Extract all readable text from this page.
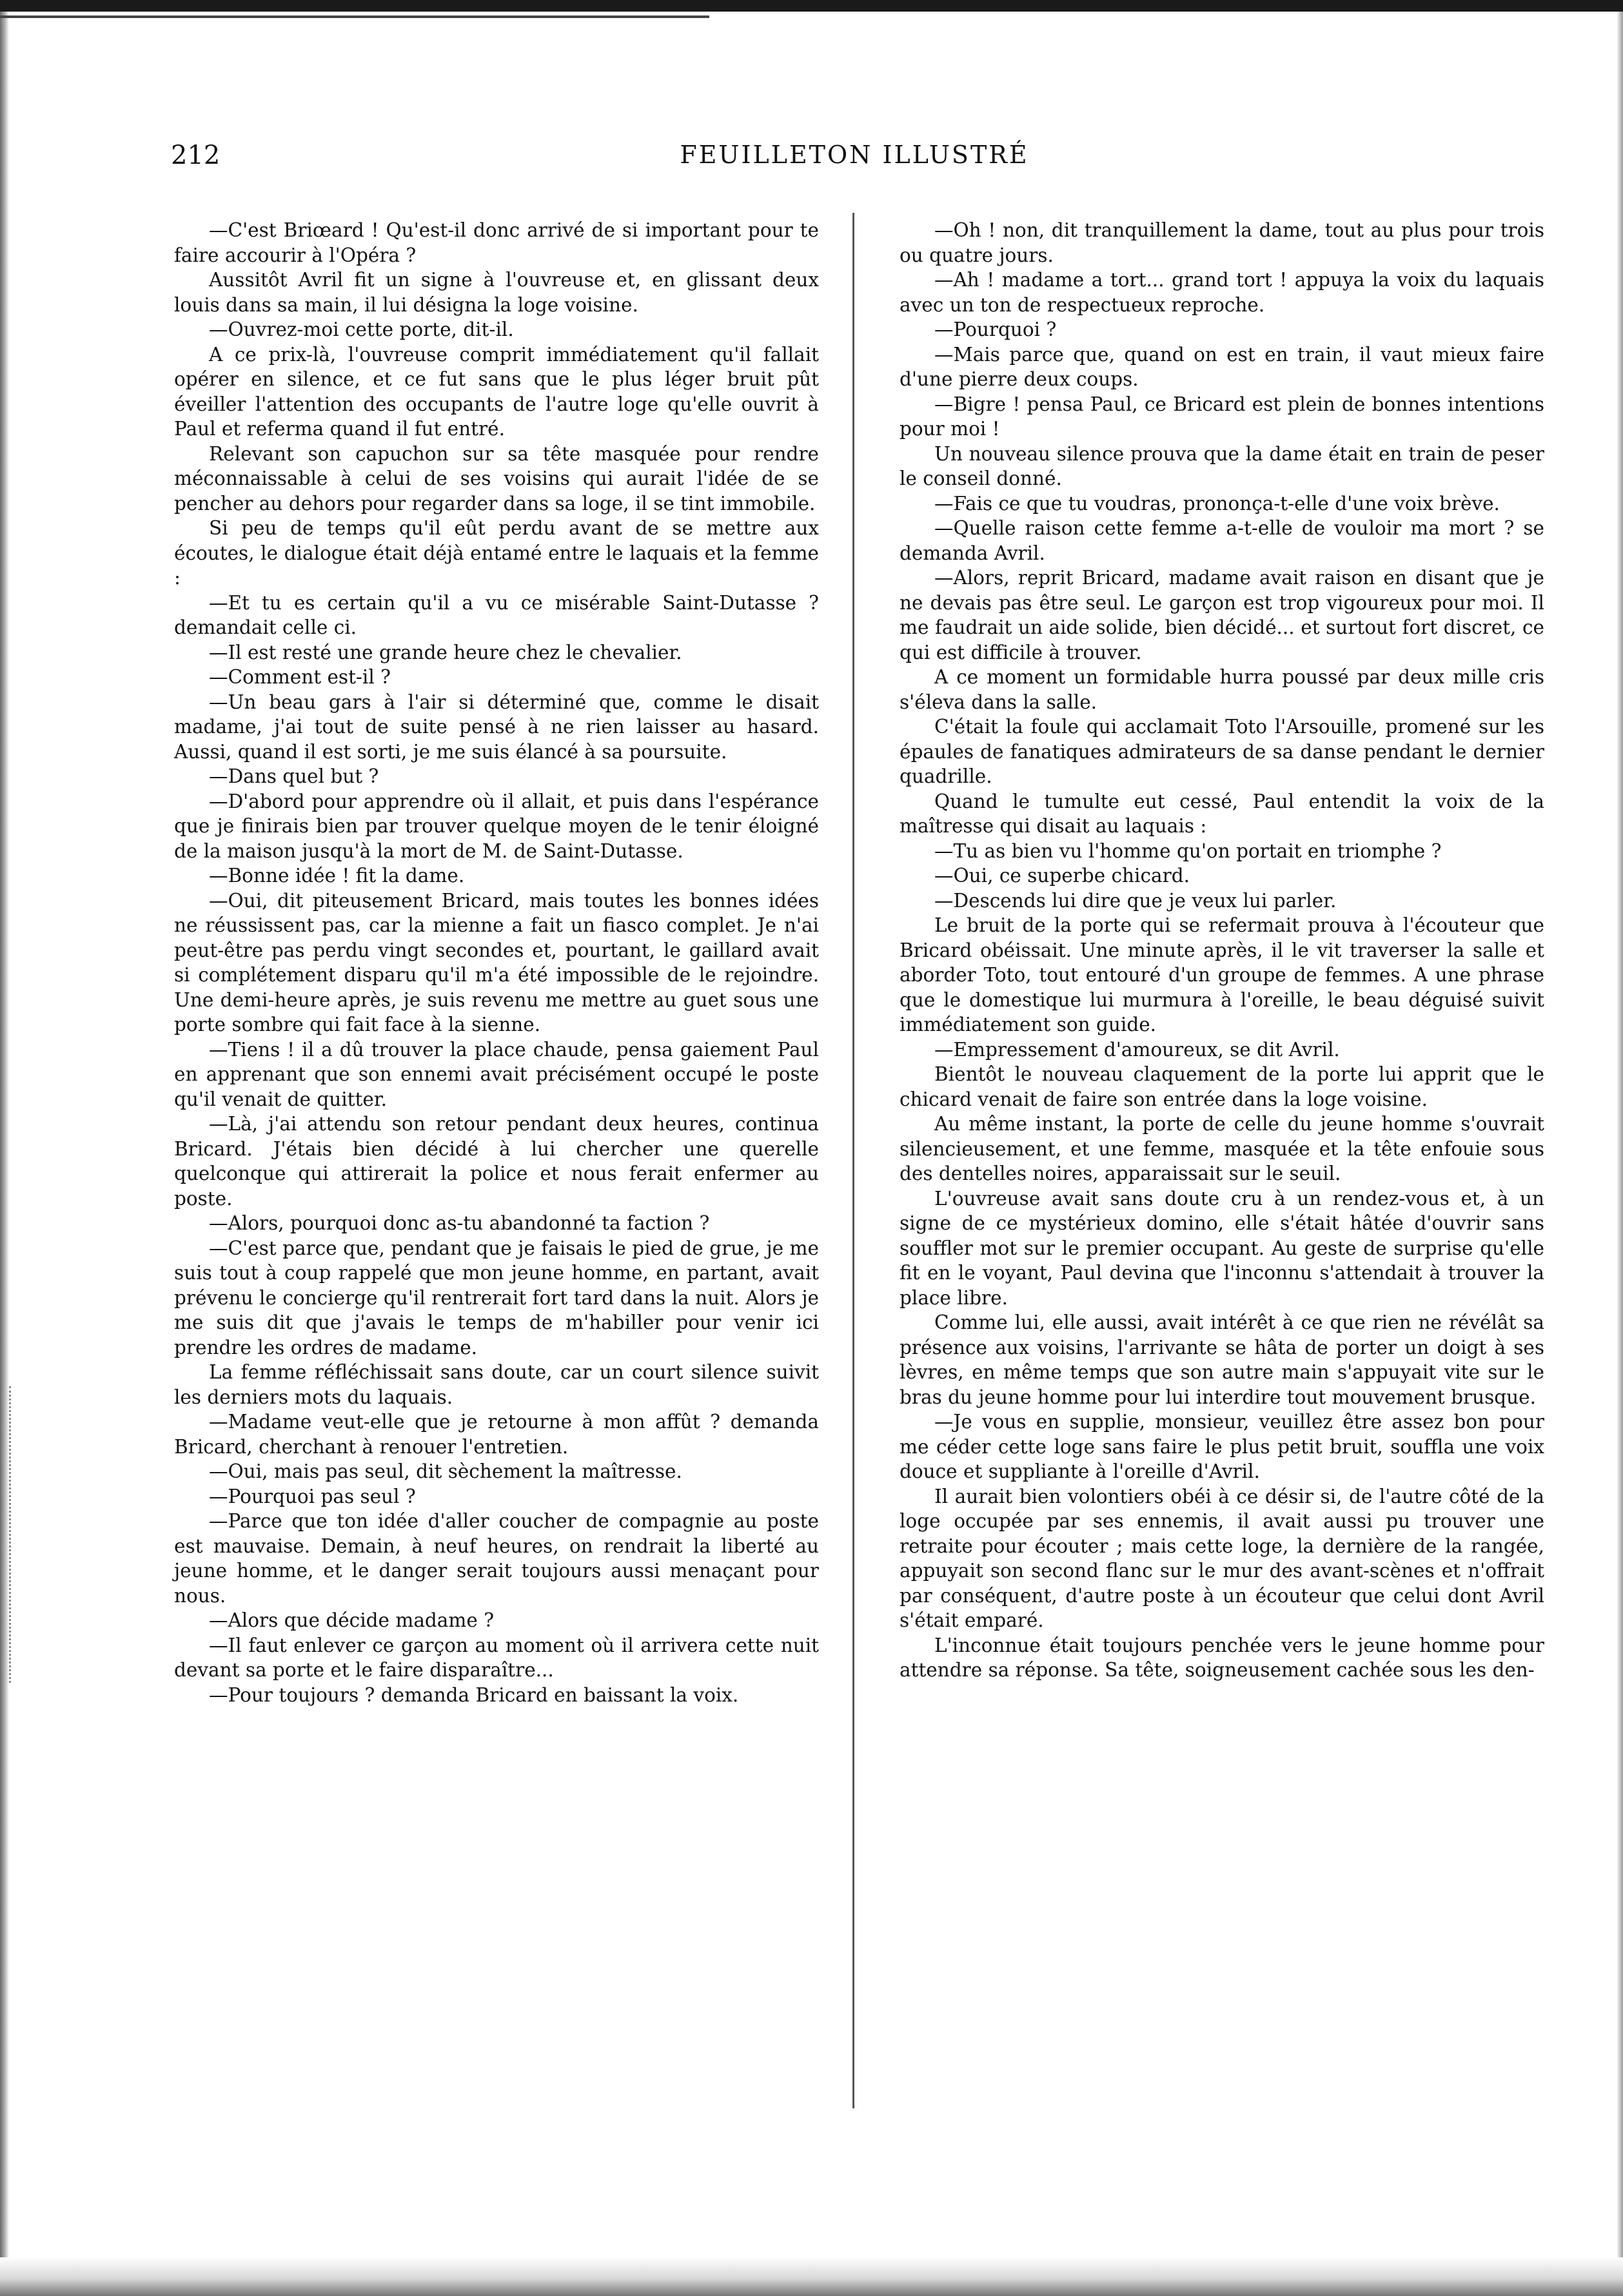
212	FEUILLETON ILLUSTRÉ

—C'est Briœard ! Qu'est-il donc arrivé de si important pour te faire accourir à l'Opéra ?

Aussitôt Avril fit un signe à l'ouvreuse et, en glissant deux louis dans sa main, il lui désigna la loge voisine.

—Ouvrez-moi cette porte, dit-il.

A ce prix-là, l'ouvreuse comprit immédiatement qu'il fallait opérer en silence, et ce fut sans que le plus léger bruit pût éveiller l'attention des occupants de l'autre loge qu'elle ouvrit à Paul et referma quand il fut entré.

Relevant son capuchon sur sa tête masquée pour rendre méconnaissable à celui de ses voisins qui aurait l'idée de se pencher au dehors pour regarder dans sa loge, il se tint immobile.

Si peu de temps qu'il eût perdu avant de se mettre aux écoutes, le dialogue était déjà entamé entre le laquais et la femme :

—Et tu es certain qu'il a vu ce misérable Saint-Dutasse ? demandait celle ci.

—Il est resté une grande heure chez le chevalier.

—Comment est-il ?

—Un beau gars à l'air si déterminé que, comme le disait madame, j'ai tout de suite pensé à ne rien laisser au hasard. Aussi, quand il est sorti, je me suis élancé à sa poursuite.

—Dans quel but ?

—D'abord pour apprendre où il allait, et puis dans l'espérance que je finirais bien par trouver quelque moyen de le tenir éloigné de la maison jusqu'à la mort de M. de Saint-Dutasse.

—Bonne idée ! fit la dame.

—Oui, dit piteusement Bricard, mais toutes les bonnes idées ne réussissent pas, car la mienne a fait un fiasco complet. Je n'ai peut-être pas perdu vingt secondes et, pourtant, le gaillard avait si complétement disparu qu'il m'a été impossible de le rejoindre. Une demi-heure après, je suis revenu me mettre au guet sous une porte sombre qui fait face à la sienne.

—Tiens ! il a dû trouver la place chaude, pensa gaiement Paul en apprenant que son ennemi avait précisément occupé le poste qu'il venait de quitter.

—Là, j'ai attendu son retour pendant deux heures, continua Bricard. J'étais bien décidé à lui chercher une querelle quelconque qui attirerait la police et nous ferait enfermer au poste.

—Alors, pourquoi donc as-tu abandonné ta faction ?

—C'est parce que, pendant que je faisais le pied de grue, je me suis tout à coup rappelé que mon jeune homme, en partant, avait prévenu le concierge qu'il rentrerait fort tard dans la nuit. Alors je me suis dit que j'avais le temps de m'habiller pour venir ici prendre les ordres de madame.

La femme réfléchissait sans doute, car un court silence suivit les derniers mots du laquais.

—Madame veut-elle que je retourne à mon affût ? demanda Bricard, cherchant à renouer l'entretien.

—Oui, mais pas seul, dit sèchement la maîtresse.

—Pourquoi pas seul ?

—Parce que ton idée d'aller coucher de compagnie au poste est mauvaise. Demain, à neuf heures, on rendrait la liberté au jeune homme, et le danger serait toujours aussi menaçant pour nous.

—Alors que décide madame ?

—Il faut enlever ce garçon au moment où il arrivera cette nuit devant sa porte et le faire disparaître...

—Pour toujours ? demanda Bricard en baissant la voix.

—Oh ! non, dit tranquillement la dame, tout au plus pour trois ou quatre jours.

—Ah ! madame a tort... grand tort ! appuya la voix du laquais avec un ton de respectueux reproche.

—Pourquoi ?

—Mais parce que, quand on est en train, il vaut mieux faire d'une pierre deux coups.

—Bigre ! pensa Paul, ce Bricard est plein de bonnes intentions pour moi !

Un nouveau silence prouva que la dame était en train de peser le conseil donné.

—Fais ce que tu voudras, prononça-t-elle d'une voix brève.

—Quelle raison cette femme a-t-elle de vouloir ma mort ? se demanda Avril.

—Alors, reprit Bricard, madame avait raison en disant que je ne devais pas être seul. Le garçon est trop vigoureux pour moi. Il me faudrait un aide solide, bien décidé... et surtout fort discret, ce qui est difficile à trouver.

A ce moment un formidable hurra poussé par deux mille cris s'éleva dans la salle.

C'était la foule qui acclamait Toto l'Arsouille, promené sur les épaules de fanatiques admirateurs de sa danse pendant le dernier quadrille.

Quand le tumulte eut cessé, Paul entendit la voix de la maîtresse qui disait au laquais :

—Tu as bien vu l'homme qu'on portait en triomphe ?

—Oui, ce superbe chicard.

—Descends lui dire que je veux lui parler.

Le bruit de la porte qui se refermait prouva à l'écouteur que Bricard obéissait. Une minute après, il le vit traverser la salle et aborder Toto, tout entouré d'un groupe de femmes. A une phrase que le domestique lui murmura à l'oreille, le beau déguisé suivit immédiatement son guide.

—Empressement d'amoureux, se dit Avril.

Bientôt le nouveau claquement de la porte lui apprit que le chicard venait de faire son entrée dans la loge voisine.

Au même instant, la porte de celle du jeune homme s'ouvrait silencieusement, et une femme, masquée et la tête enfouie sous des dentelles noires, apparaissait sur le seuil.

L'ouvreuse avait sans doute cru à un rendez-vous et, à un signe de ce mystérieux domino, elle s'était hâtée d'ouvrir sans souffler mot sur le premier occupant. Au geste de surprise qu'elle fit en le voyant, Paul devina que l'inconnu s'attendait à trouver la place libre.

Comme lui, elle aussi, avait intérêt à ce que rien ne révélât sa présence aux voisins, l'arrivante se hâta de porter un doigt à ses lèvres, en même temps que son autre main s'appuyait vite sur le bras du jeune homme pour lui interdire tout mouvement brusque.

—Je vous en supplie, monsieur, veuillez être assez bon pour me céder cette loge sans faire le plus petit bruit, souffla une voix douce et suppliante à l'oreille d'Avril.

Il aurait bien volontiers obéi à ce désir si, de l'autre côté de la loge occupée par ses ennemis, il avait aussi pu trouver une retraite pour écouter ; mais cette loge, la dernière de la rangée, appuyait son second flanc sur le mur des avant-scènes et n'offrait par conséquent, d'autre poste à un écouteur que celui dont Avril s'était emparé.

L'inconnue était toujours penchée vers le jeune homme pour attendre sa réponse. Sa tête, soigneusement cachée sous les den-
